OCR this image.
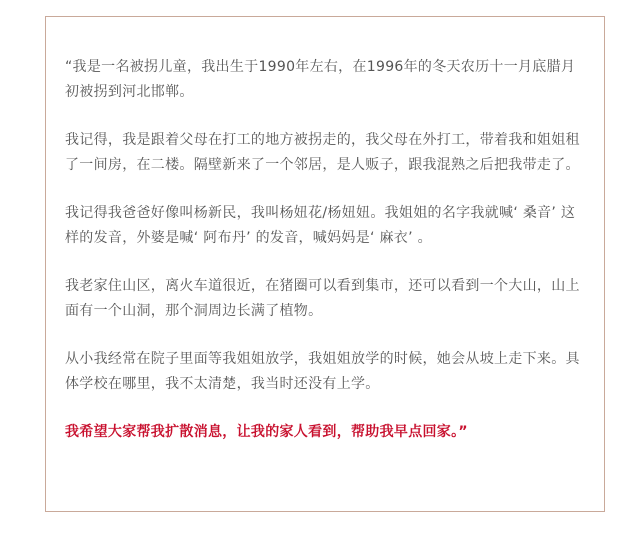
“我是一名被拐儿童，我出生于1990年左右，在1996年的冬天农历十一月底腊月初被拐到河北邯郸。

我记得，我是跟着父母在打工的地方被拐走的，我父母在外打工，带着我和姐姐租了一间房，在二楼。隔壁新来了一个邻居，是人贩子，跟我混熟之后把我带走了。

我记得我爸爸好像叫杨新民，我叫杨妞花/杨妞妞。我姐姐的名字我就喊‘ 桑音’ 这样的发音，外婆是喊‘ 阿布丹’ 的发音，喊妈妈是‘ 麻衣’ 。

我老家住山区，离火车道很近，在猪圈可以看到集市，还可以看到一个大山，山上面有一个山洞，那个洞周边长满了植物。

从小我经常在院子里面等我姐姐放学，我姐姐放学的时候，她会从坡上走下来。具体学校在哪里，我不太清楚，我当时还没有上学。

我希望大家帮我扩散消息，让我的家人看到，帮助我早点回家。”
